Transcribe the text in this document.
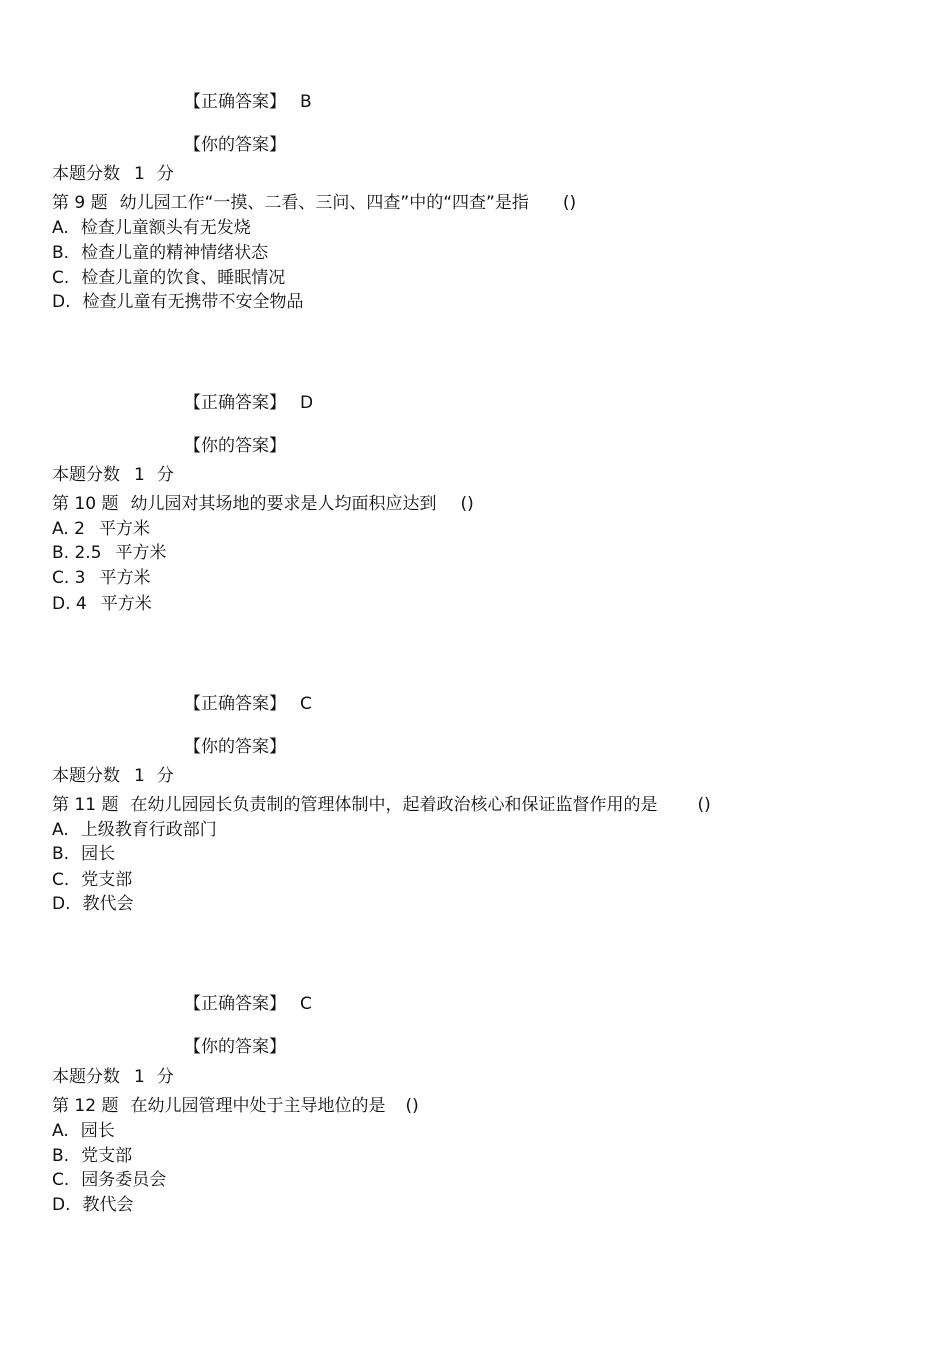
【正确答案】 B
【你的答案】
本题分数 1 分
第 9 题 幼儿园工作“一摸、二看、三问、四查”中的“四查”是指 ()
A. 检查儿童额头有无发烧
B. 检查儿童的精神情绪状态
C. 检查儿童的饮食、睡眠情况
D. 检查儿童有无携带不安全物品
【正确答案】 D
【你的答案】
本题分数 1 分
第 10 题 幼儿园对其场地的要求是人均面积应达到 ()
A. 2 平方米
B. 2.5 平方米
C. 3 平方米
D. 4 平方米
【正确答案】 C
【你的答案】
本题分数 1 分
第 11 题 在幼儿园园长负责制的管理体制中，起着政治核心和保证监督作用的是 ()
A. 上级教育行政部门
B. 园长
C. 党支部
D. 教代会
【正确答案】 C
【你的答案】
本题分数 1 分
第 12 题 在幼儿园管理中处于主导地位的是 ()
A. 园长
B. 党支部
C. 园务委员会
D. 教代会
